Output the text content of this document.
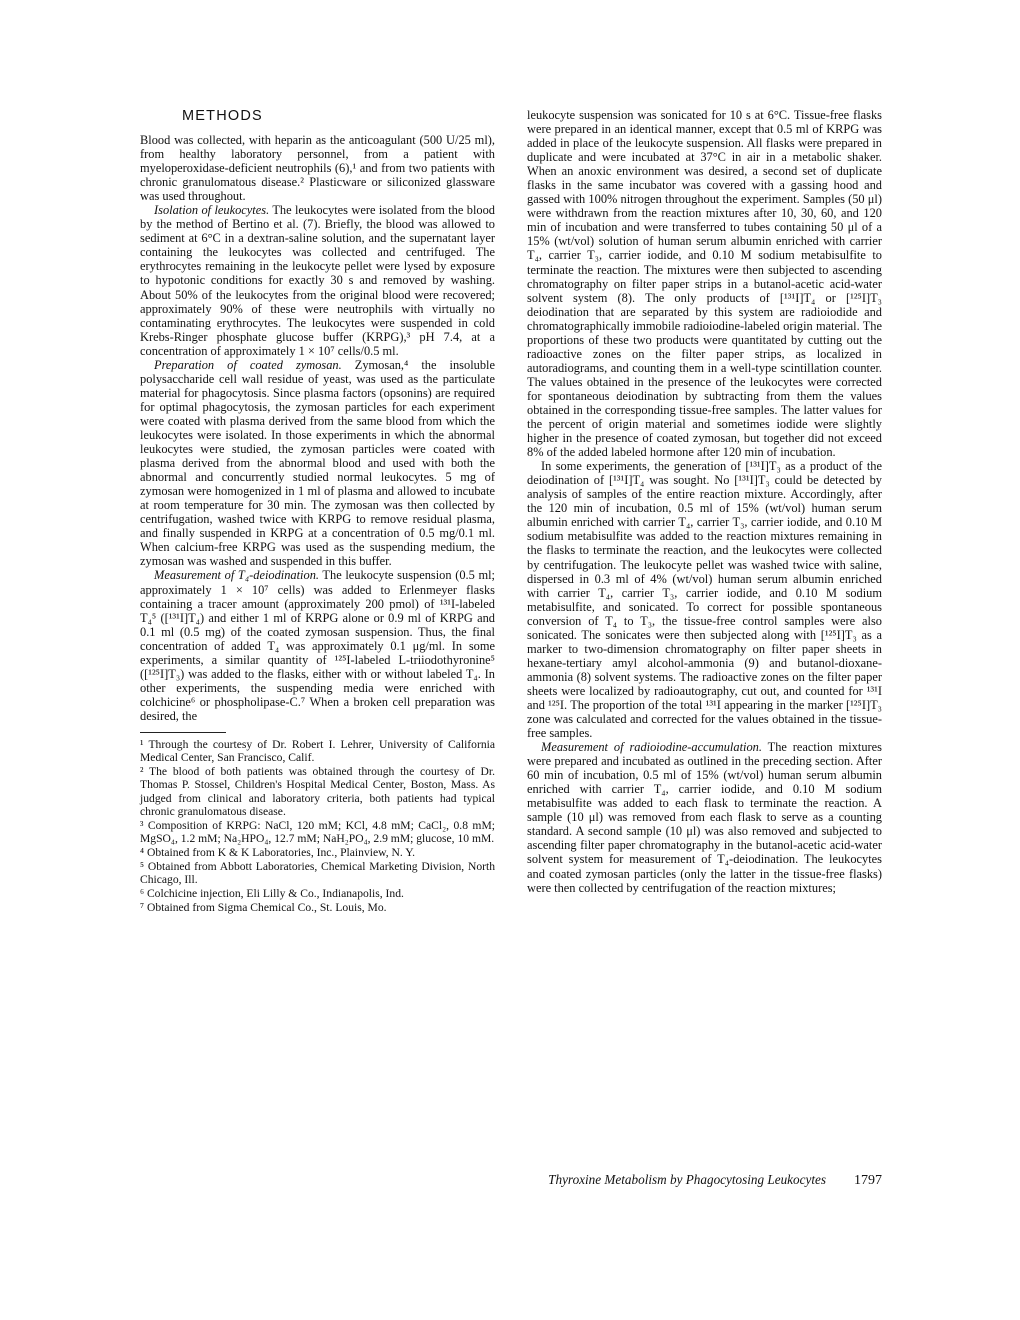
METHODS

Blood was collected, with heparin as the anticoagulant (500 U/25 ml), from healthy laboratory personnel, from a patient with myeloperoxidase-deficient neutrophils (6),¹ and from two patients with chronic granulomatous disease.² Plasticware or siliconized glassware was used throughout.

Isolation of leukocytes. The leukocytes were isolated from the blood by the method of Bertino et al. (7). Briefly, the blood was allowed to sediment at 6°C in a dextran-saline solution, and the supernatant layer containing the leukocytes was collected and centrifuged. The erythrocytes remaining in the leukocyte pellet were lysed by exposure to hypotonic conditions for exactly 30 s and removed by washing. About 50% of the leukocytes from the original blood were recovered; approximately 90% of these were neutrophils with virtually no contaminating erythrocytes. The leukocytes were suspended in cold Krebs-Ringer phosphate glucose buffer (KRPG),³ pH 7.4, at a concentration of approximately 1 × 10⁷ cells/0.5 ml.

Preparation of coated zymosan. Zymosan,⁴ the insoluble polysaccharide cell wall residue of yeast, was used as the particulate material for phagocytosis. Since plasma factors (opsonins) are required for optimal phagocytosis, the zymosan particles for each experiment were coated with plasma derived from the same blood from which the leukocytes were isolated. In those experiments in which the abnormal leukocytes were studied, the zymosan particles were coated with plasma derived from the abnormal blood and used with both the abnormal and concurrently studied normal leukocytes. 5 mg of zymosan were homogenized in 1 ml of plasma and allowed to incubate at room temperature for 30 min. The zymosan was then collected by centrifugation, washed twice with KRPG to remove residual plasma, and finally suspended in KRPG at a concentration of 0.5 mg/0.1 ml. When calcium-free KRPG was used as the suspending medium, the zymosan was washed and suspended in this buffer.

Measurement of T₄-deiodination. The leukocyte suspension (0.5 ml; approximately 1 × 10⁷ cells) was added to Erlenmeyer flasks containing a tracer amount (approximately 200 pmol) of ¹³¹I-labeled T₄⁵ ([¹³¹I]T₄) and either 1 ml of KRPG alone or 0.9 ml of KRPG and 0.1 ml (0.5 mg) of the coated zymosan suspension. Thus, the final concentration of added T₄ was approximately 0.1 μg/ml. In some experiments, a similar quantity of ¹²⁵I-labeled L-triiodothyronine⁵ ([¹²⁵I]T₃) was added to the flasks, either with or without labeled T₄. In other experiments, the suspending media were enriched with colchicine⁶ or phospholipase-C.⁷ When a broken cell preparation was desired, the

¹ Through the courtesy of Dr. Robert I. Lehrer, University of California Medical Center, San Francisco, Calif.

² The blood of both patients was obtained through the courtesy of Dr. Thomas P. Stossel, Children's Hospital Medical Center, Boston, Mass. As judged from clinical and laboratory criteria, both patients had typical chronic granulomatous disease.

³ Composition of KRPG: NaCl, 120 mM; KCl, 4.8 mM; CaCl₂, 0.8 mM; MgSO₄, 1.2 mM; Na₂HPO₄, 12.7 mM; NaH₂PO₄, 2.9 mM; glucose, 10 mM.

⁴ Obtained from K & K Laboratories, Inc., Plainview, N. Y.

⁵ Obtained from Abbott Laboratories, Chemical Marketing Division, North Chicago, Ill.

⁶ Colchicine injection, Eli Lilly & Co., Indianapolis, Ind.

⁷ Obtained from Sigma Chemical Co., St. Louis, Mo.

leukocyte suspension was sonicated for 10 s at 6°C. Tissue-free flasks were prepared in an identical manner, except that 0.5 ml of KRPG was added in place of the leukocyte suspension. All flasks were prepared in duplicate and were incubated at 37°C in air in a metabolic shaker. When an anoxic environment was desired, a second set of duplicate flasks in the same incubator was covered with a gassing hood and gassed with 100% nitrogen throughout the experiment. Samples (50 μl) were withdrawn from the reaction mixtures after 10, 30, 60, and 120 min of incubation and were transferred to tubes containing 50 μl of a 15% (wt/vol) solution of human serum albumin enriched with carrier T₄, carrier T₃, carrier iodide, and 0.10 M sodium metabisulfite to terminate the reaction. The mixtures were then subjected to ascending chromatography on filter paper strips in a butanol-acetic acid-water solvent system (8). The only products of [¹³¹I]T₄ or [¹²⁵I]T₃ deiodination that are separated by this system are radioiodide and chromatographically immobile radioiodine-labeled origin material. The proportions of these two products were quantitated by cutting out the radioactive zones on the filter paper strips, as localized in autoradiograms, and counting them in a well-type scintillation counter. The values obtained in the presence of the leukocytes were corrected for spontaneous deiodination by subtracting from them the values obtained in the corresponding tissue-free samples. The latter values for the percent of origin material and sometimes iodide were slightly higher in the presence of coated zymosan, but together did not exceed 8% of the added labeled hormone after 120 min of incubation.

In some experiments, the generation of [¹³¹I]T₃ as a product of the deiodination of [¹³¹I]T₄ was sought. No [¹³¹I]T₃ could be detected by analysis of samples of the entire reaction mixture. Accordingly, after the 120 min of incubation, 0.5 ml of 15% (wt/vol) human serum albumin enriched with carrier T₄, carrier T₃, carrier iodide, and 0.10 M sodium metabisulfite was added to the reaction mixtures remaining in the flasks to terminate the reaction, and the leukocytes were collected by centrifugation. The leukocyte pellet was washed twice with saline, dispersed in 0.3 ml of 4% (wt/vol) human serum albumin enriched with carrier T₄, carrier T₃, carrier iodide, and 0.10 M sodium metabisulfite, and sonicated. To correct for possible spontaneous conversion of T₄ to T₃, the tissue-free control samples were also sonicated. The sonicates were then subjected along with [¹²⁵I]T₃ as a marker to two-dimension chromatography on filter paper sheets in hexane-tertiary amyl alcohol-ammonia (9) and butanol-dioxane-ammonia (8) solvent systems. The radioactive zones on the filter paper sheets were localized by radioautography, cut out, and counted for ¹³¹I and ¹²⁵I. The proportion of the total ¹³¹I appearing in the marker [¹²⁵I]T₃ zone was calculated and corrected for the values obtained in the tissue-free samples.

Measurement of radioiodine-accumulation. The reaction mixtures were prepared and incubated as outlined in the preceding section. After 60 min of incubation, 0.5 ml of 15% (wt/vol) human serum albumin enriched with carrier T₄, carrier iodide, and 0.10 M sodium metabisulfite was added to each flask to terminate the reaction. A sample (10 μl) was removed from each flask to serve as a counting standard. A second sample (10 μl) was also removed and subjected to ascending filter paper chromatography in the butanol-acetic acid-water solvent system for measurement of T₄-deiodination. The leukocytes and coated zymosan particles (only the latter in the tissue-free flasks) were then collected by centrifugation of the reaction mixtures;

Thyroxine Metabolism by Phagocytosing Leukocytes 1797
